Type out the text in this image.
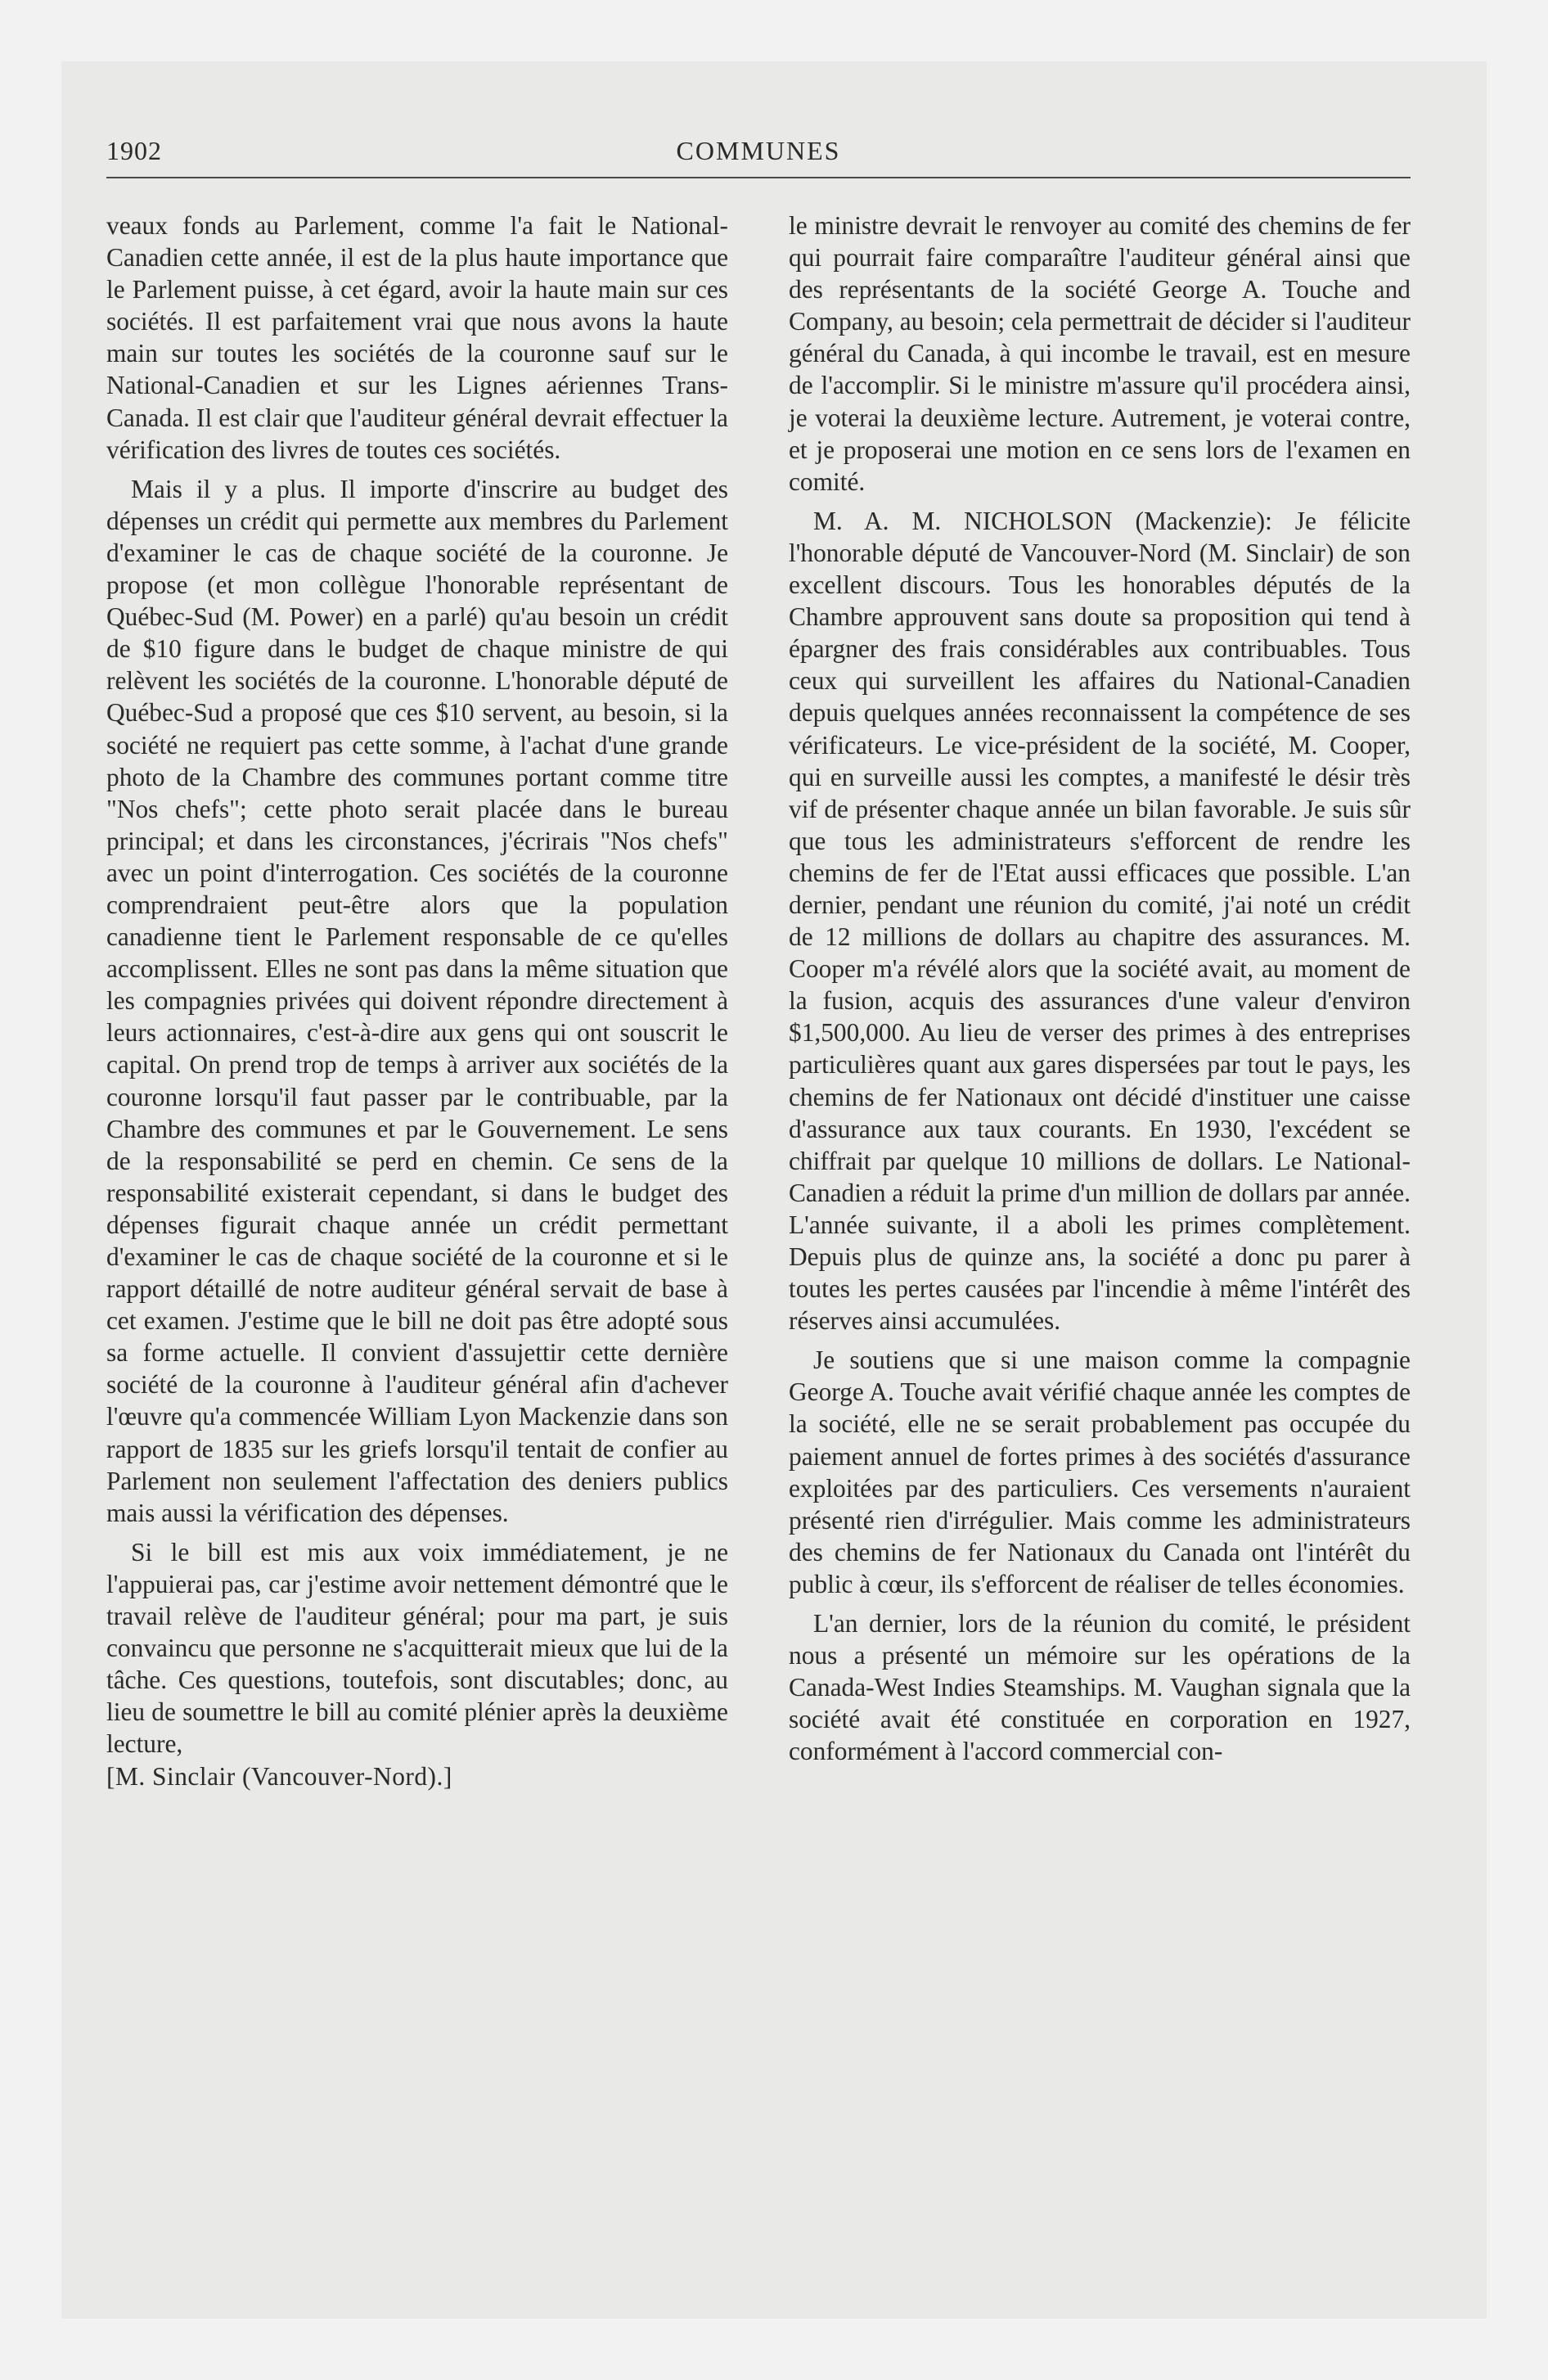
1902	COMMUNES

veaux fonds au Parlement, comme l'a fait le National-Canadien cette année, il est de la plus haute importance que le Parlement puisse, à cet égard, avoir la haute main sur ces sociétés. Il est parfaitement vrai que nous avons la haute main sur toutes les sociétés de la couronne sauf sur le National-Canadien et sur les Lignes aériennes Trans-Canada. Il est clair que l'auditeur général devrait effectuer la vérification des livres de toutes ces sociétés.

Mais il y a plus. Il importe d'inscrire au budget des dépenses un crédit qui permette aux membres du Parlement d'examiner le cas de chaque société de la couronne. Je propose (et mon collègue l'honorable représentant de Québec-Sud (M. Power) en a parlé) qu'au besoin un crédit de $10 figure dans le budget de chaque ministre de qui relèvent les sociétés de la couronne. L'honorable député de Québec-Sud a proposé que ces $10 servent, au besoin, si la société ne requiert pas cette somme, à l'achat d'une grande photo de la Chambre des communes portant comme titre "Nos chefs"; cette photo serait placée dans le bureau principal; et dans les circonstances, j'écrirais "Nos chefs" avec un point d'interrogation. Ces sociétés de la couronne comprendraient peut-être alors que la population canadienne tient le Parlement responsable de ce qu'elles accomplissent. Elles ne sont pas dans la même situation que les compagnies privées qui doivent répondre directement à leurs actionnaires, c'est-à-dire aux gens qui ont souscrit le capital. On prend trop de temps à arriver aux sociétés de la couronne lorsqu'il faut passer par le contribuable, par la Chambre des communes et par le Gouvernement. Le sens de la responsabilité se perd en chemin. Ce sens de la responsabilité existerait cependant, si dans le budget des dépenses figurait chaque année un crédit permettant d'examiner le cas de chaque société de la couronne et si le rapport détaillé de notre auditeur général servait de base à cet examen. J'estime que le bill ne doit pas être adopté sous sa forme actuelle. Il convient d'assujettir cette dernière société de la couronne à l'auditeur général afin d'achever l'œuvre qu'a commencée William Lyon Mackenzie dans son rapport de 1835 sur les griefs lorsqu'il tentait de confier au Parlement non seulement l'affectation des deniers publics mais aussi la vérification des dépenses.

Si le bill est mis aux voix immédiatement, je ne l'appuierai pas, car j'estime avoir nettement démontré que le travail relève de l'auditeur général; pour ma part, je suis convaincu que personne ne s'acquitterait mieux que lui de la tâche. Ces questions, toutefois, sont discutables; donc, au lieu de soumettre le bill au comité plénier après la deuxième lecture,

[M. Sinclair (Vancouver-Nord).]

le ministre devrait le renvoyer au comité des chemins de fer qui pourrait faire comparaître l'auditeur général ainsi que des représentants de la société George A. Touche and Company, au besoin; cela permettrait de décider si l'auditeur général du Canada, à qui incombe le travail, est en mesure de l'accomplir. Si le ministre m'assure qu'il procédera ainsi, je voterai la deuxième lecture. Autrement, je voterai contre, et je proposerai une motion en ce sens lors de l'examen en comité.

M. A. M. NICHOLSON (Mackenzie): Je félicite l'honorable député de Vancouver-Nord (M. Sinclair) de son excellent discours. Tous les honorables députés de la Chambre approuvent sans doute sa proposition qui tend à épargner des frais considérables aux contribuables. Tous ceux qui surveillent les affaires du National-Canadien depuis quelques années reconnaissent la compétence de ses vérificateurs. Le vice-président de la société, M. Cooper, qui en surveille aussi les comptes, a manifesté le désir très vif de présenter chaque année un bilan favorable. Je suis sûr que tous les administrateurs s'efforcent de rendre les chemins de fer de l'Etat aussi efficaces que possible. L'an dernier, pendant une réunion du comité, j'ai noté un crédit de 12 millions de dollars au chapitre des assurances. M. Cooper m'a révélé alors que la société avait, au moment de la fusion, acquis des assurances d'une valeur d'environ $1,500,000. Au lieu de verser des primes à des entreprises particulières quant aux gares dispersées par tout le pays, les chemins de fer Nationaux ont décidé d'instituer une caisse d'assurance aux taux courants. En 1930, l'excédent se chiffrait par quelque 10 millions de dollars. Le National-Canadien a réduit la prime d'un million de dollars par année. L'année suivante, il a aboli les primes complètement. Depuis plus de quinze ans, la société a donc pu parer à toutes les pertes causées par l'incendie à même l'intérêt des réserves ainsi accumulées.

Je soutiens que si une maison comme la compagnie George A. Touche avait vérifié chaque année les comptes de la société, elle ne se serait probablement pas occupée du paiement annuel de fortes primes à des sociétés d'assurance exploitées par des particuliers. Ces versements n'auraient présenté rien d'irrégulier. Mais comme les administrateurs des chemins de fer Nationaux du Canada ont l'intérêt du public à cœur, ils s'efforcent de réaliser de telles économies.

L'an dernier, lors de la réunion du comité, le président nous a présenté un mémoire sur les opérations de la Canada-West Indies Steamships. M. Vaughan signala que la société avait été constituée en corporation en 1927, conformément à l'accord commercial con-
